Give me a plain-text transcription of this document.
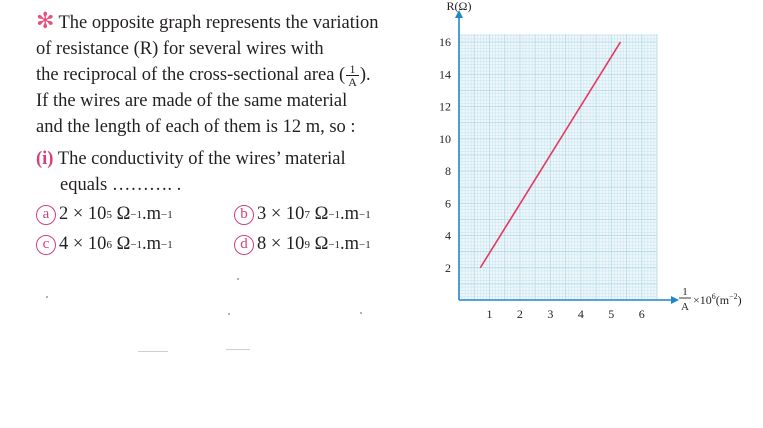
✻ The opposite graph represents the variation
of resistance (R) for several wires with
the reciprocal of the cross-sectional area ( $\frac{1}{A}$ ).
If the wires are made of the same material
and the length of each of them is 12 m, so :
(i) The conductivity of the wires’ material
equals ………. .
a 2 × 10 5
Ω −1 .m −1	b 3 × 10 7
Ω −1 .m −1
c 4 × 10 6
Ω −1 .m −1	d 8 × 10 9
Ω −1 .m −1
2
4
6
8
10
12
14
16
1 2 3 4 5 6
R(Ω)
1
$A \times 10^6(m^{-2})$
